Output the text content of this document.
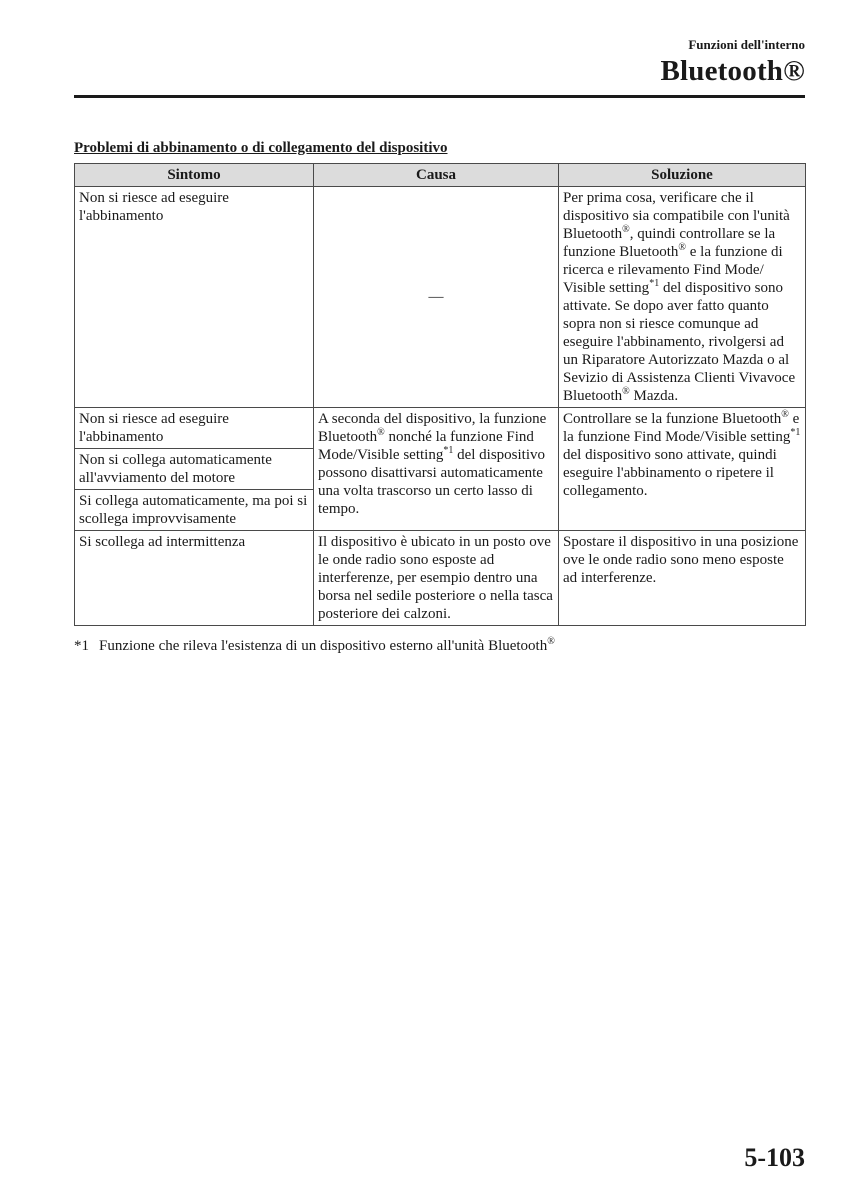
Funzioni dell'interno
Bluetooth®
Problemi di abbinamento o di collegamento del dispositivo
Sintomo	Causa	Soluzione
Non si riesce ad eseguire l'abbinamento	—	Per prima cosa, verificare che il dispositivo sia compatibile con l'unità Bluetooth®, quindi controllare se la funzione Bluetooth® e la funzione di ricerca e rilevamento Find Mode/ Visible setting$^{*1}$ del dispositivo sono attivate. Se dopo aver fatto quanto sopra non si riesce comunque ad eseguire l'abbinamento, rivolgersi ad un Riparatore Autorizzato Mazda o al Sevizio di Assistenza Clienti Vivavoce Bluetooth® Mazda.
Non si riesce ad eseguire l'abbinamento	A seconda del dispositivo, la funzione Bluetooth® nonché la funzione Find Mode/Visible setting$^{*1}$ del dispositivo possono disattivarsi automaticamente una volta trascorso un certo lasso di tempo.	Controllare se la funzione Bluetooth® e la funzione Find Mode/Visible setting$^{*1}$ del dispositivo sono attivate, quindi eseguire l'abbinamento o ripetere il collegamento.
Non si collega automaticamente all'avviamento del motore		
Si collega automaticamente, ma poi si scollega improvvisamente		
Si scollega ad intermittenza	Il dispositivo è ubicato in un posto ove le onde radio sono esposte ad interferenze, per esempio dentro una borsa nel sedile posteriore o nella tasca posteriore dei calzoni.	Spostare il dispositivo in una posizione ove le onde radio sono meno esposte ad interferenze.
*1 Funzione che rileva l'esistenza di un dispositivo esterno all'unità Bluetooth®
5-103
